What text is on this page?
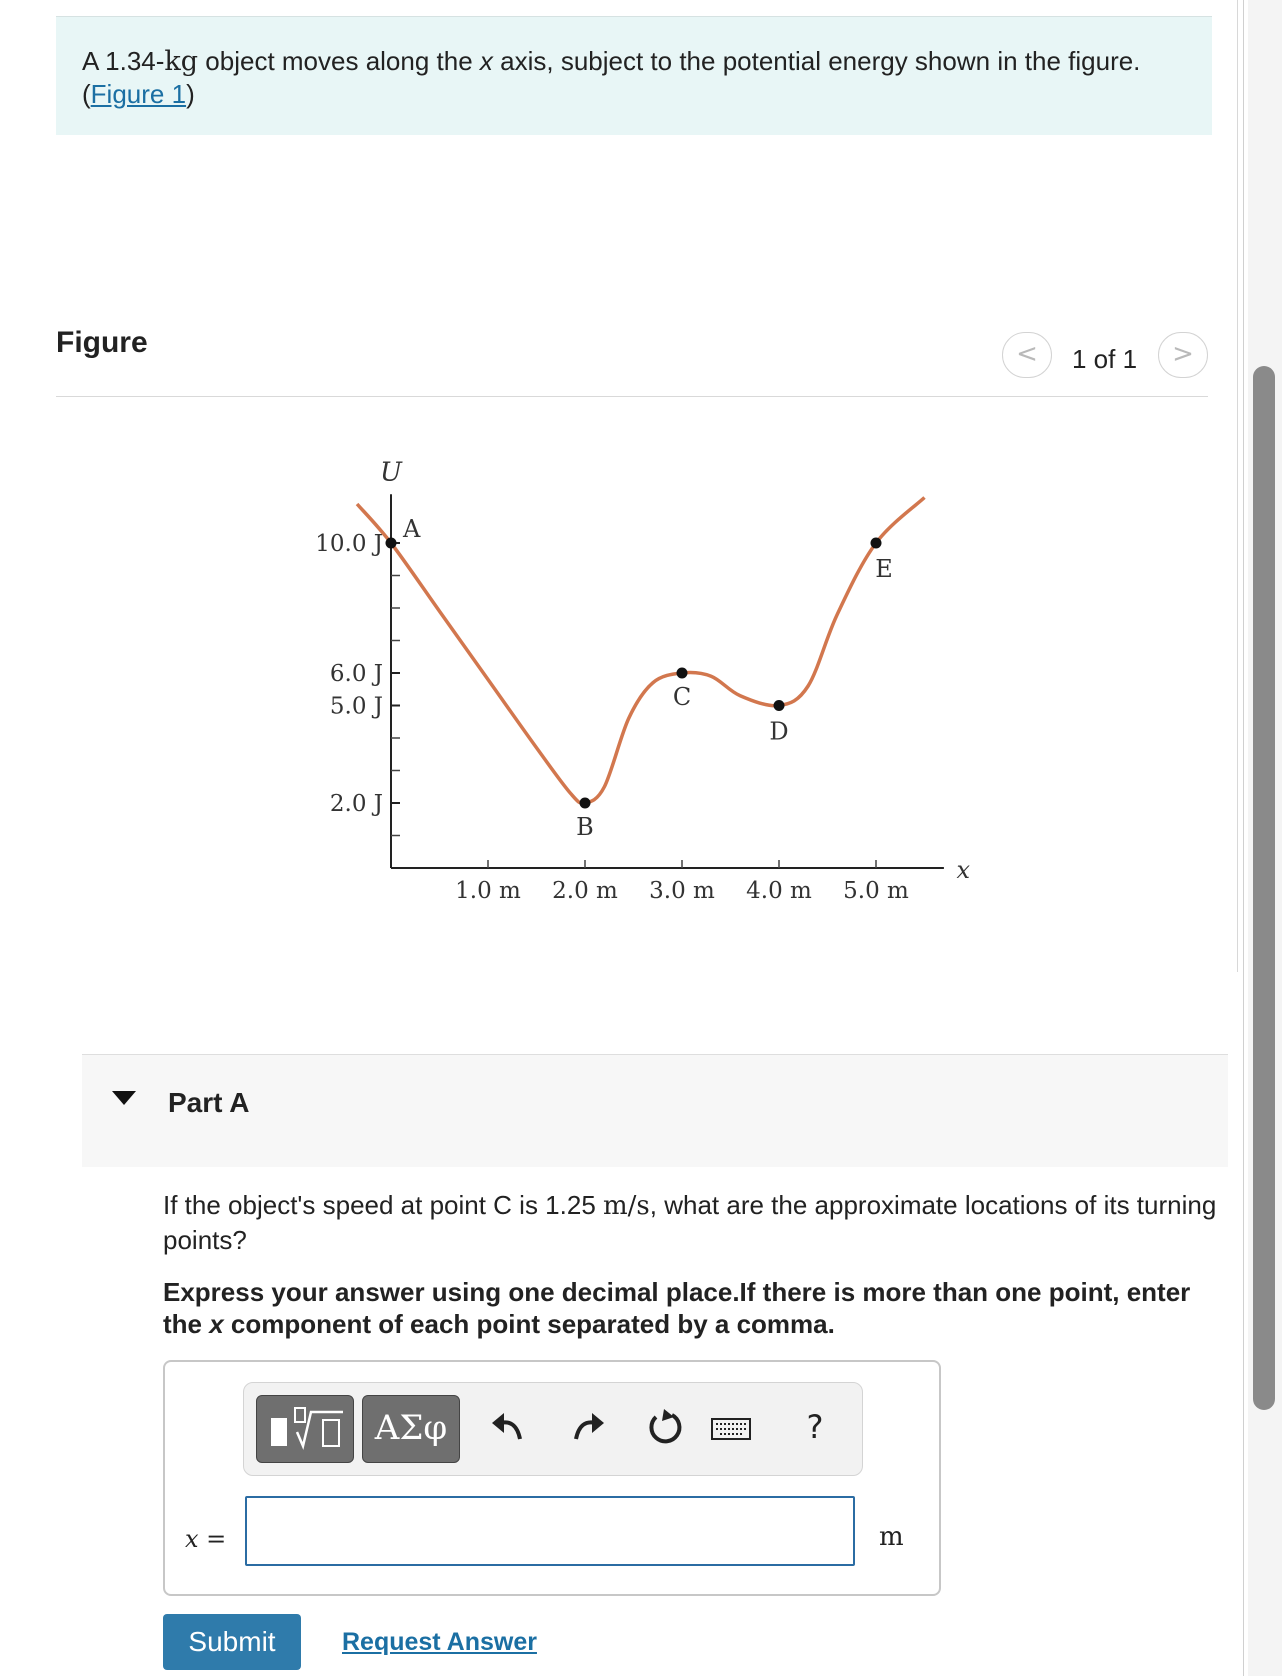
A 1.34-kg object moves along the x axis, subject to the potential energy shown in the figure.
(Figure 1)
Figure	<	1 of 1	>
U
x
10.0 J
6.0 J
5.0 J
2.0 J
1.0 m 2.0 m 3.0 m 4.0 m 5.0 m
A
B
C
D
E
Part A
If the object's speed at point C is 1.25 m/s, what are the approximate locations of its turning points?
Express your answer using one decimal place.If there is more than one point, enter the x component of each point separated by a comma.
ΑΣφ	?
x =	m
Submit	Request Answer
